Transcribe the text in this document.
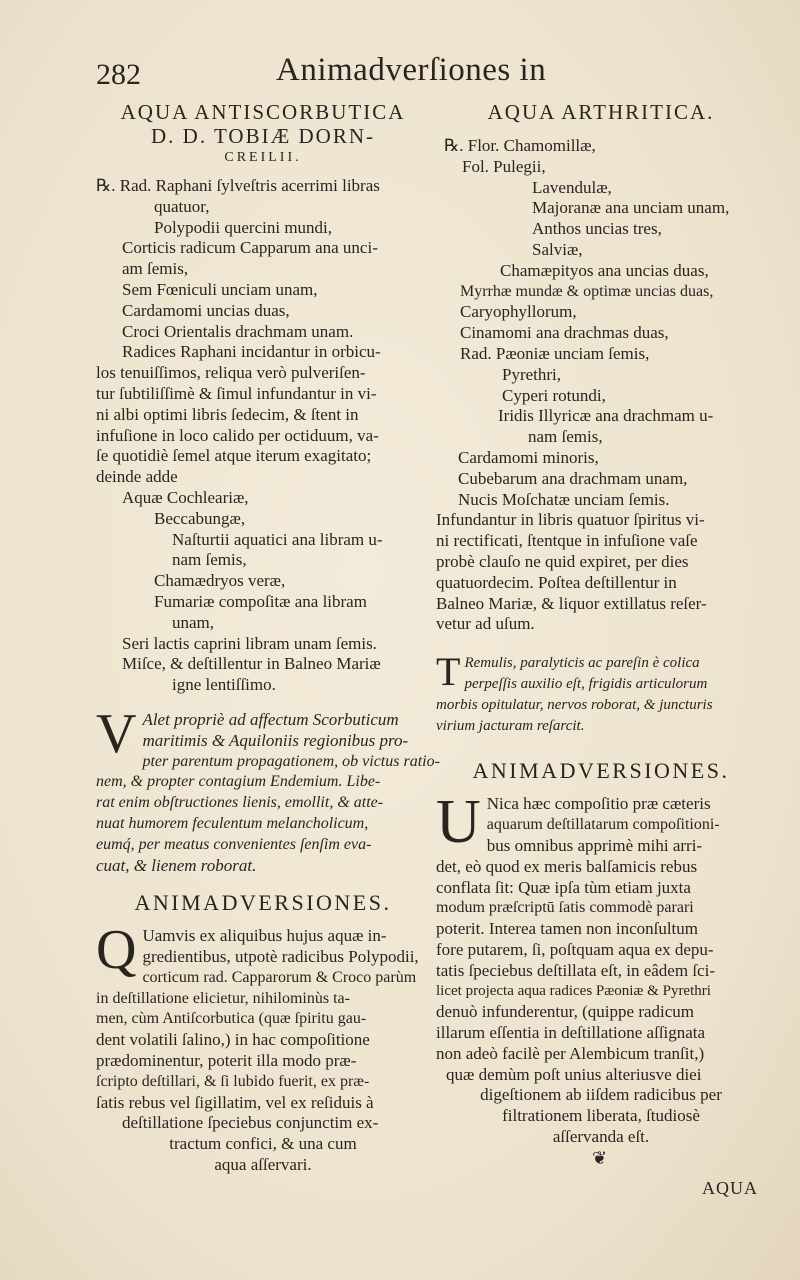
282	Animadverſiones in

AQUA ANTISCORBUTICA

D. D. TOBIÆ DORN-

CREILII.

℞. Rad. Raphani ſylveſtris acerrimi libras

quatuor,

Polypodii quercini mundi,

Corticis radicum Capparum ana unci-

am ſemis,

Sem Fœniculi unciam unam,

Cardamomi uncias duas,

Croci Orientalis drachmam unam.

Radices Raphani incidantur in orbicu-

los tenuiſſimos, reliqua verò pulveriſen-

tur ſubtiliſſimè & ſimul infundantur in vi-

ni albi optimi libris ſedecim, & ſtent in

infuſione in loco calido per octiduum, va-

ſe quotidiè ſemel atque iterum exagitato;

deinde adde

Aquæ Cochleariæ,

Beccabungæ,

Naſturtii aquatici ana libram u-

nam ſemis,

Chamædryos veræ,

Fumariæ compoſitæ ana libram

unam,

Seri lactis caprini libram unam ſemis.

Miſce, & deſtillentur in Balneo Mariæ

igne lentiſſimo.

V Alet propriè ad affectum Scorbuticum

maritimis & Aquiloniis regionibus pro-

pter parentum propagationem, ob victus ratio-

nem, & propter contagium Endemium. Libe-

rat enim obſtructiones lienis, emollit, & atte-

nuat humorem feculentum melancholicum,

eumq́, per meatus convenientes ſenſim eva-

cuat, & lienem roborat.

ANIMADVERSIONES.

Q Uamvis ex aliquibus hujus aquæ in-

gredientibus, utpotè radicibus Polypodii,

corticum rad. Capparorum & Croco parùm

in deſtillatione elicietur, nihilominùs ta-

men, cùm Antiſcorbutica (quæ ſpiritu gau-

dent volatili ſalino,) in hac compoſitione

prædominentur, poterit illa modo præ-

ſcripto deſtillari, & ſi lubido fuerit, ex præ-

ſatis rebus vel ſigillatim, vel ex reſiduis à

deſtillatione ſpeciebus conjunctim ex-

tractum confici, & una cum

aqua aſſervari.

AQUA ARTHRITICA.

℞. Flor. Chamomillæ,

Fol. Pulegii,

Lavendulæ,

Majoranæ ana unciam unam,

Anthos uncias tres,

Salviæ,

Chamæpityos ana uncias duas,

Myrrhæ mundæ & optimæ uncias duas,

Caryophyllorum,

Cinamomi ana drachmas duas,

Rad. Pæoniæ unciam ſemis,

Pyrethri,

Cyperi rotundi,

Iridis Illyricæ ana drachmam u-

nam ſemis,

Cardamomi minoris,

Cubebarum ana drachmam unam,

Nucis Moſchatæ unciam ſemis.

Infundantur in libris quatuor ſpiritus vi-

ni rectificati, ſtentque in infuſione vaſe

probè clauſo ne quid expiret, per dies

quatuordecim. Poſtea deſtillentur in

Balneo Mariæ, & liquor extillatus reſer-

vetur ad uſum.

T Remulis, paralyticis ac pareſin è colica

perpeſſis auxilio eſt, frigidis articulorum

morbis opitulatur, nervos roborat, & juncturis

virium jacturam reſarcit.

ANIMADVERSIONES.

U Nica hæc compoſitio præ cæteris

aquarum deſtillatarum compoſitioni-

bus omnibus apprimè mihi arri-

det, eò quod ex meris balſamicis rebus

conflata ſit: Quæ ipſa tùm etiam juxta

modum præſcriptū ſatis commodè parari

poterit. Interea tamen non inconſultum

fore putarem, ſi, poſtquam aqua ex depu-

tatis ſpeciebus deſtillata eſt, in eâdem ſci-

licet projecta aqua radices Pæoniæ & Pyrethri

denuò infunderentur, (quippe radicum

illarum eſſentia in deſtillatione aſſignata

non adeò facilè per Alembicum tranſit,)

quæ demùm poſt unius alteriusve diei

digeſtionem ab iiſdem radicibus per

filtrationem liberata, ſtudiosè

aſſervanda eſt.

❦
AQUA
